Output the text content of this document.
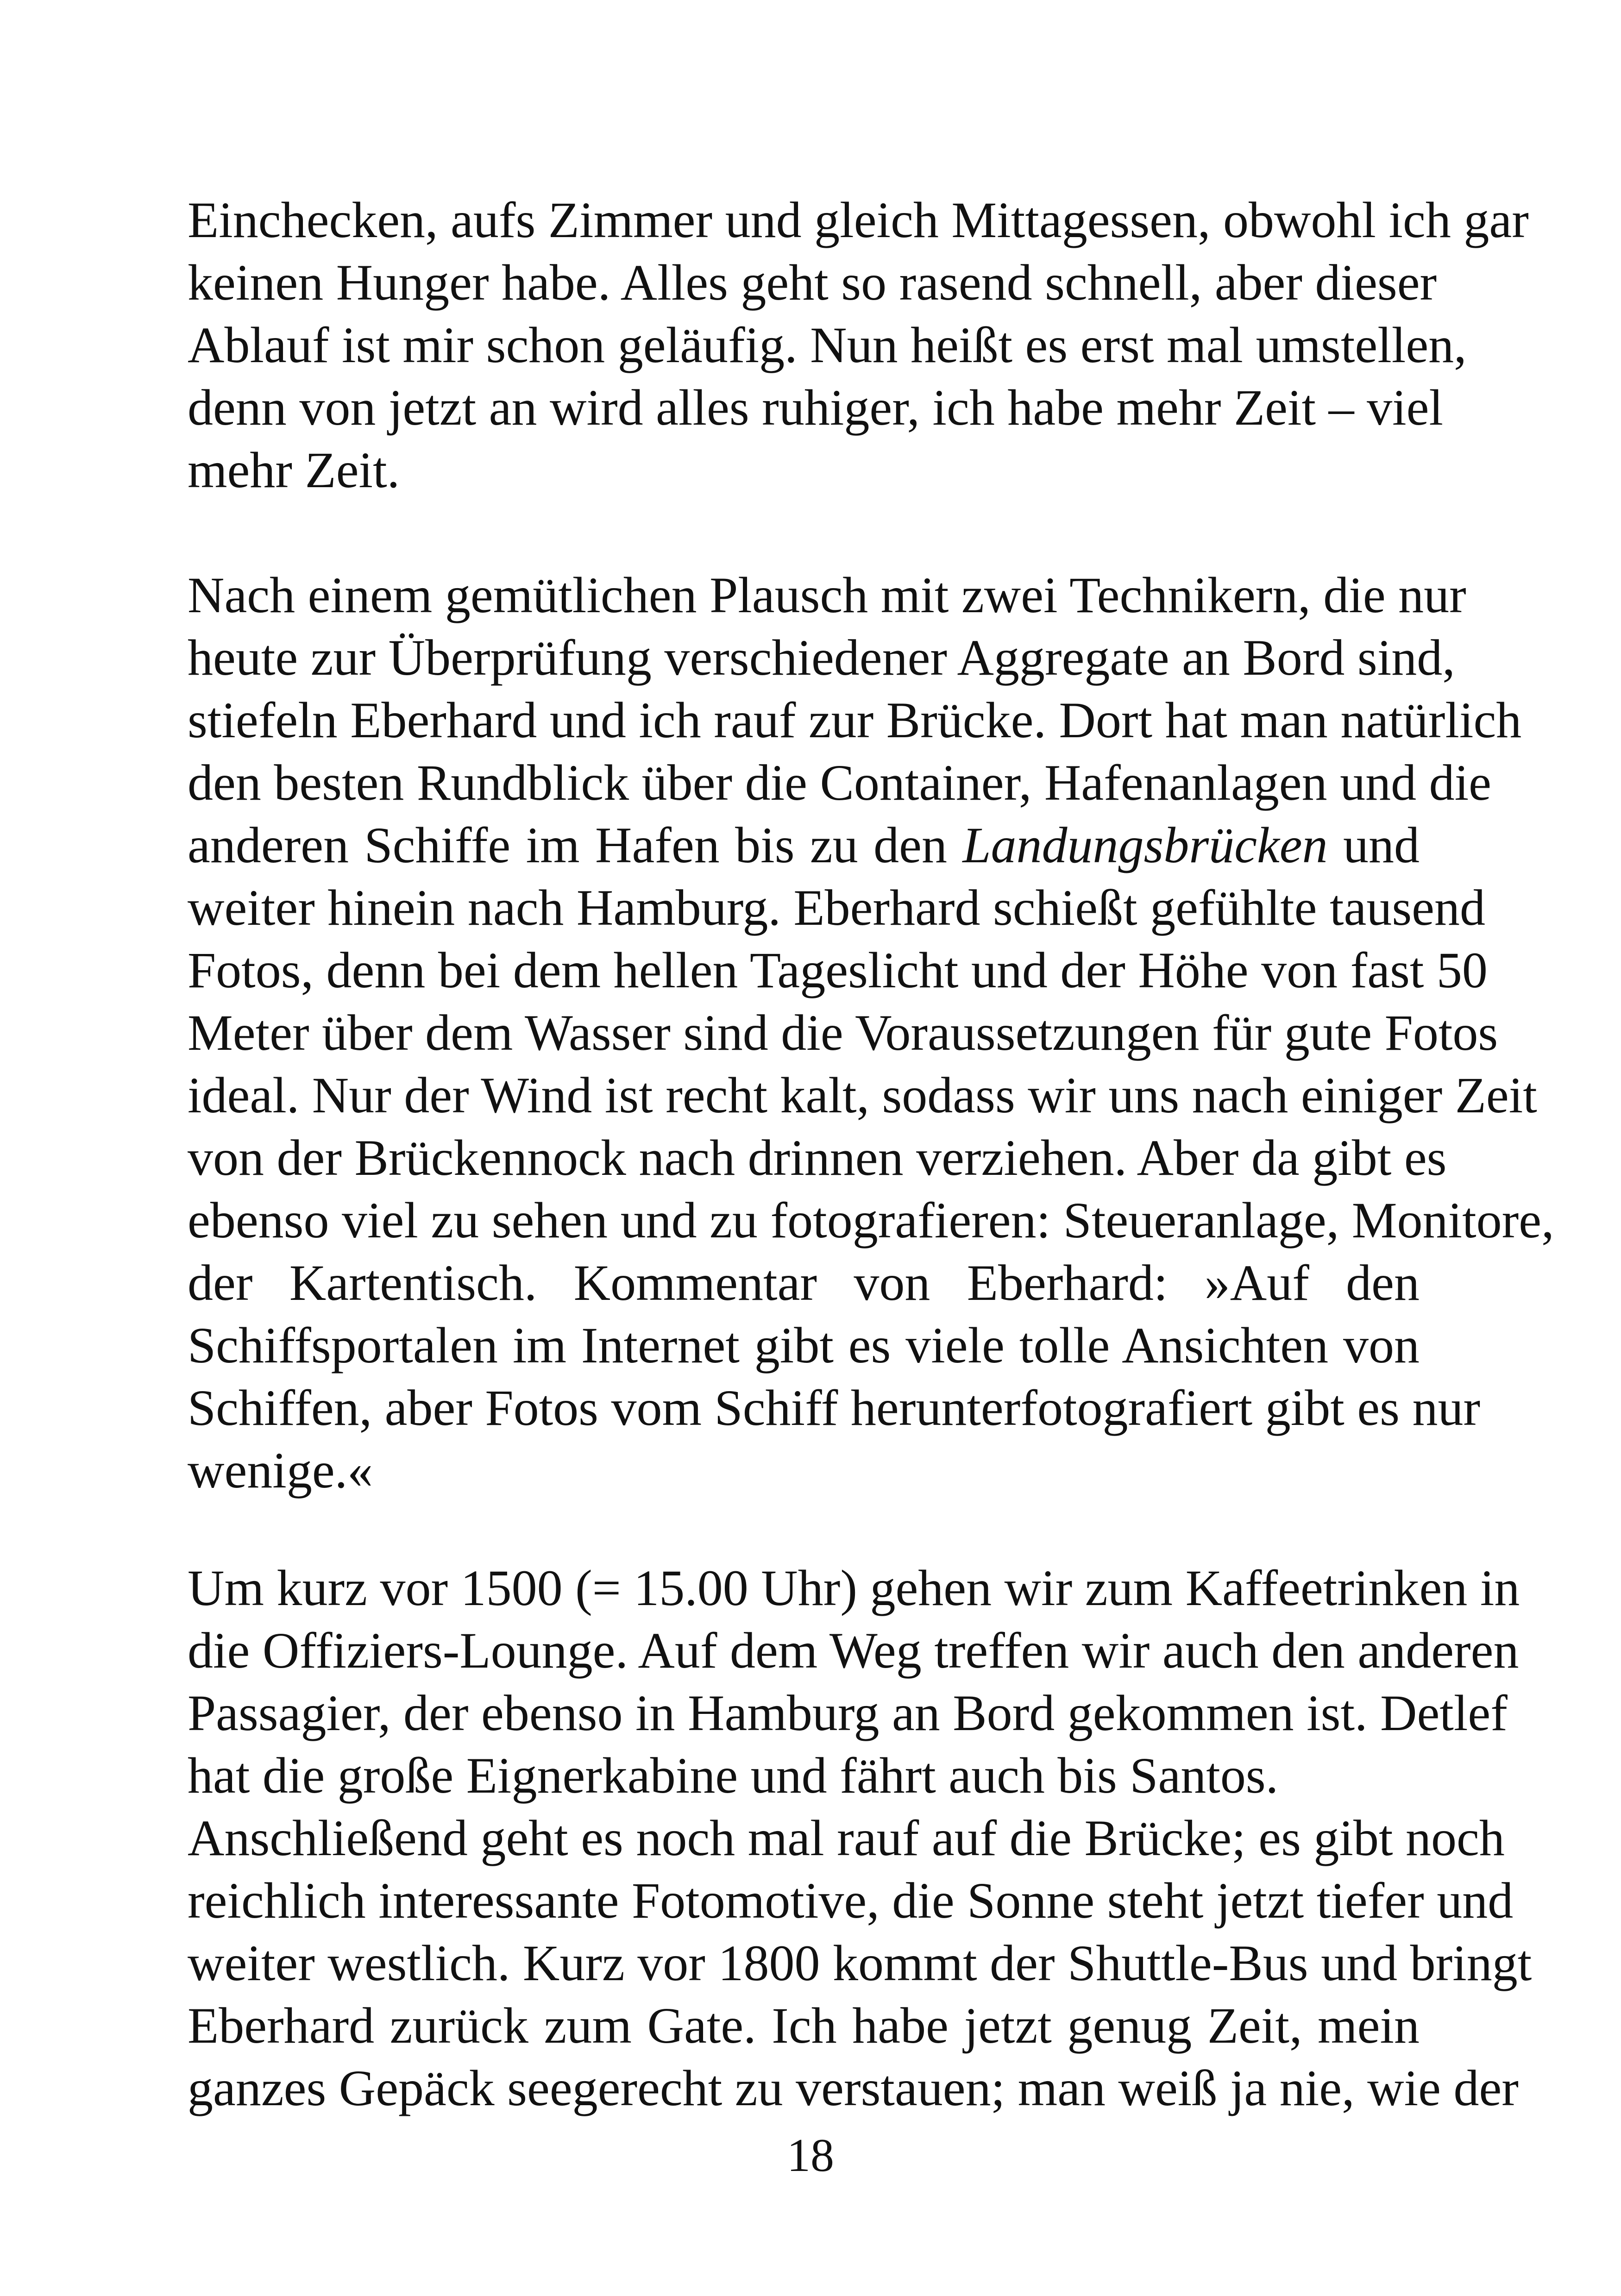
Einchecken, aufs Zimmer und gleich Mittagessen, obwohl ich gar
keinen Hunger habe. Alles geht so rasend schnell, aber dieser
Ablauf ist mir schon geläufig. Nun heißt es erst mal umstellen,
denn von jetzt an wird alles ruhiger, ich habe mehr Zeit – viel
mehr Zeit.
Nach einem gemütlichen Plausch mit zwei Technikern, die nur
heute zur Überprüfung verschiedener Aggregate an Bord sind,
stiefeln Eberhard und ich rauf zur Brücke. Dort hat man natürlich
den besten Rundblick über die Container, Hafenanlagen und die
anderen Schiffe im Hafen bis zu den Landungsbrücken und
weiter hinein nach Hamburg. Eberhard schießt gefühlte tausend
Fotos, denn bei dem hellen Tageslicht und der Höhe von fast 50
Meter über dem Wasser sind die Voraussetzungen für gute Fotos
ideal. Nur der Wind ist recht kalt, sodass wir uns nach einiger Zeit
von der Brückennock nach drinnen verziehen. Aber da gibt es
ebenso viel zu sehen und zu fotografieren: Steueranlage, Monitore,
der Kartentisch. Kommentar von Eberhard: »Auf den
Schiffsportalen im Internet gibt es viele tolle Ansichten von
Schiffen, aber Fotos vom Schiff herunterfotografiert gibt es nur
wenige.«
Um kurz vor 1500 (= 15.00 Uhr) gehen wir zum Kaffeetrinken in
die Offiziers-Lounge. Auf dem Weg treffen wir auch den anderen
Passagier, der ebenso in Hamburg an Bord gekommen ist. Detlef
hat die große Eignerkabine und fährt auch bis Santos.
Anschließend geht es noch mal rauf auf die Brücke; es gibt noch
reichlich interessante Fotomotive, die Sonne steht jetzt tiefer und
weiter westlich. Kurz vor 1800 kommt der Shuttle-Bus und bringt
Eberhard zurück zum Gate. Ich habe jetzt genug Zeit, mein
ganzes Gepäck seegerecht zu verstauen; man weiß ja nie, wie der
18
